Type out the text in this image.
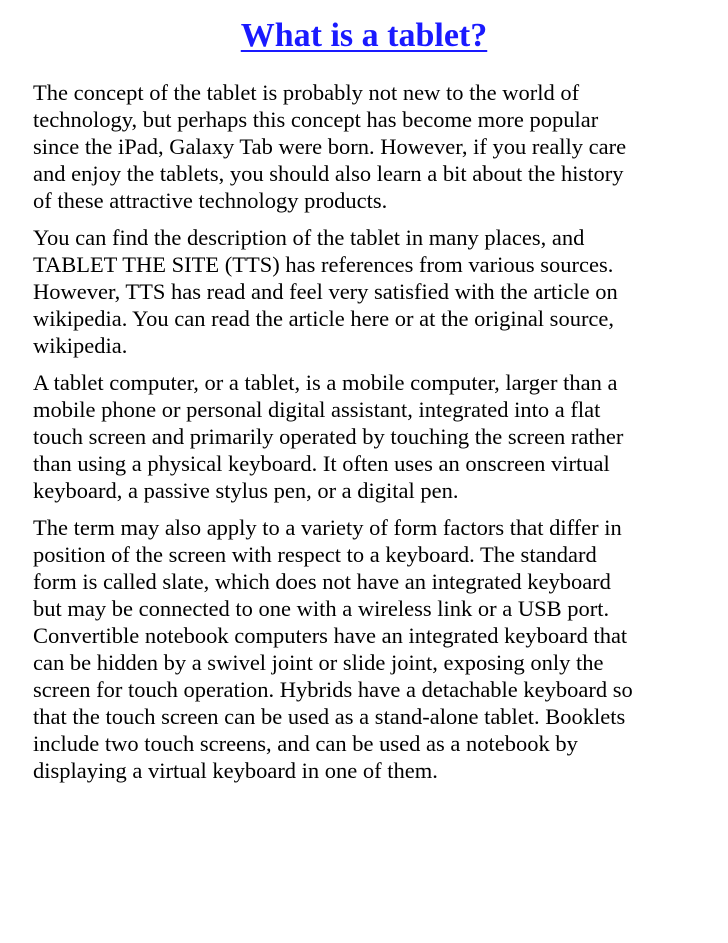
What is a tablet?

The concept of the tablet is probably not new to the world of
technology, but perhaps this concept has become more popular
since the iPad, Galaxy Tab were born. However, if you really care
and enjoy the tablets, you should also learn a bit about the history
of these attractive technology products.

You can find the description of the tablet in many places, and
TABLET THE SITE (TTS) has references from various sources.
However, TTS has read and feel very satisfied with the article on
wikipedia. You can read the article here or at the original source,
wikipedia.

A tablet computer, or a tablet, is a mobile computer, larger than a
mobile phone or personal digital assistant, integrated into a flat
touch screen and primarily operated by touching the screen rather
than using a physical keyboard. It often uses an onscreen virtual
keyboard, a passive stylus pen, or a digital pen.

The term may also apply to a variety of form factors that differ in
position of the screen with respect to a keyboard. The standard
form is called slate, which does not have an integrated keyboard
but may be connected to one with a wireless link or a USB port.
Convertible notebook computers have an integrated keyboard that
can be hidden by a swivel joint or slide joint, exposing only the
screen for touch operation. Hybrids have a detachable keyboard so
that the touch screen can be used as a stand-alone tablet. Booklets
include two touch screens, and can be used as a notebook by
displaying a virtual keyboard in one of them.
